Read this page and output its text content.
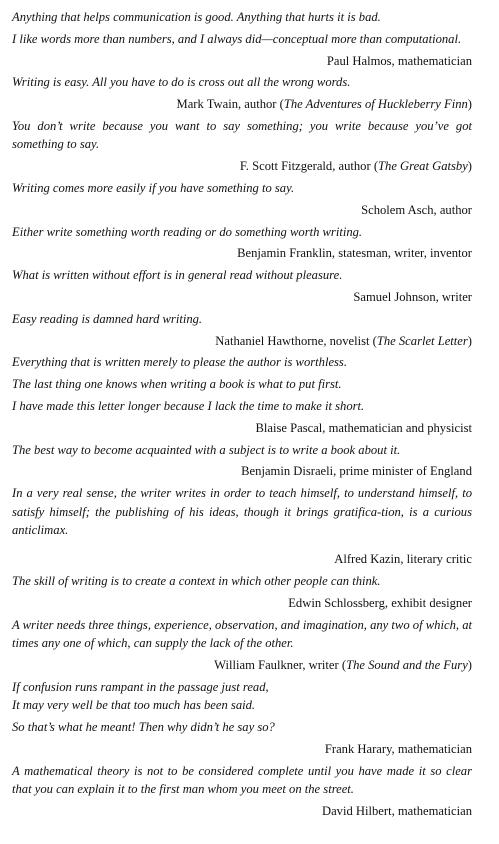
Anything that helps communication is good. Anything that hurts it is bad.

I like words more than numbers, and I always did—conceptual more than computational.

Paul Halmos, mathematician

Writing is easy. All you have to do is cross out all the wrong words.

Mark Twain, author (The Adventures of Huckleberry Finn)

You don’t write because you want to say something; you write because you’ve got something to say.

F. Scott Fitzgerald, author (The Great Gatsby)

Writing comes more easily if you have something to say.

Scholem Asch, author

Either write something worth reading or do something worth writing.

Benjamin Franklin, statesman, writer, inventor

What is written without effort is in general read without pleasure.

Samuel Johnson, writer

Easy reading is damned hard writing.

Nathaniel Hawthorne, novelist (The Scarlet Letter)

Everything that is written merely to please the author is worthless.

The last thing one knows when writing a book is what to put first.

I have made this letter longer because I lack the time to make it short.

Blaise Pascal, mathematician and physicist

The best way to become acquainted with a subject is to write a book about it.

Benjamin Disraeli, prime minister of England

In a very real sense, the writer writes in order to teach himself, to understand himself, to satisfy himself; the publishing of his ideas, though it brings gratifica-tion, is a curious anticlimax.

Alfred Kazin, literary critic

The skill of writing is to create a context in which other people can think.

Edwin Schlossberg, exhibit designer

A writer needs three things, experience, observation, and imagination, any two of which, at times any one of which, can supply the lack of the other.

William Faulkner, writer (The Sound and the Fury)

If confusion runs rampant in the passage just read,
It may very well be that too much has been said.

So that’s what he meant! Then why didn’t he say so?

Frank Harary, mathematician

A mathematical theory is not to be considered complete until you have made it so clear that you can explain it to the first man whom you meet on the street.

David Hilbert, mathematician
